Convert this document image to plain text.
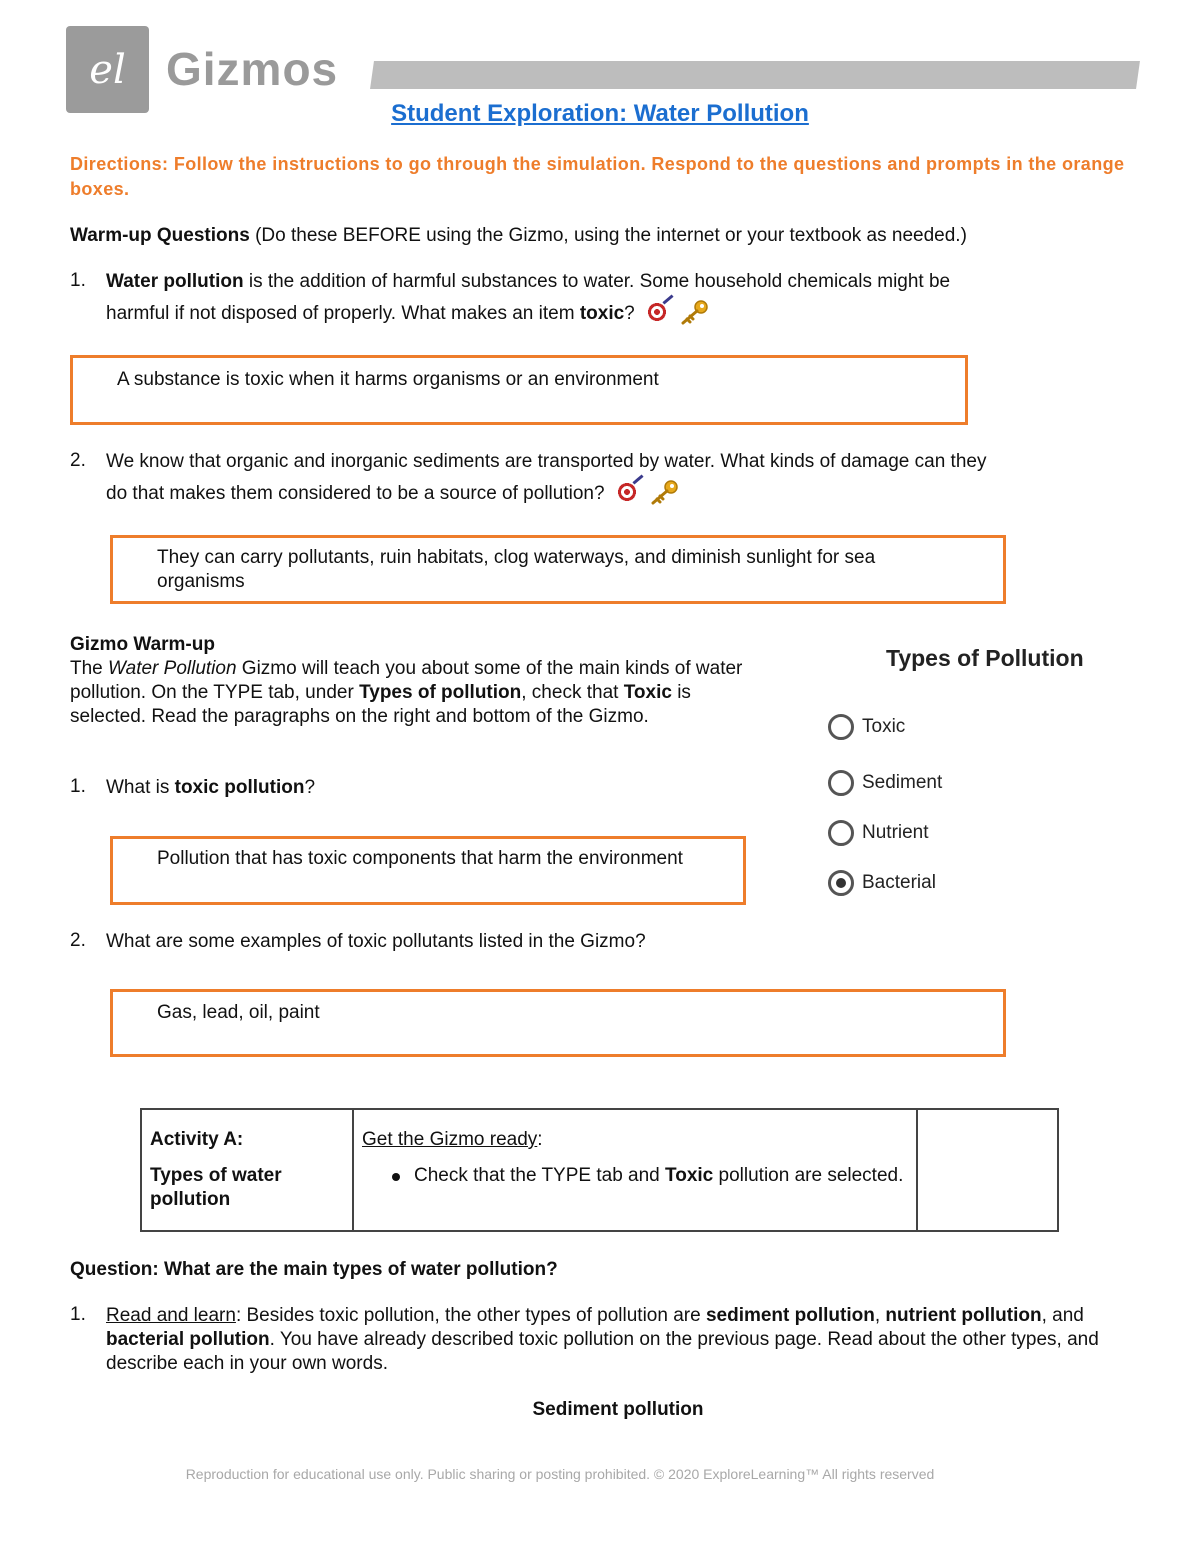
el Gizmos
Student Exploration: Water Pollution
Directions: Follow the instructions to go through the simulation. Respond to the questions and prompts in the orange boxes.
Warm-up Questions (Do these BEFORE using the Gizmo, using the internet or your textbook as needed.)
1. Water pollution is the addition of harmful substances to water. Some household chemicals might be
harmful if not disposed of properly. What makes an item toxic?
A substance is toxic when it harms organisms or an environment
2. We know that organic and inorganic sediments are transported by water. What kinds of damage can they
do that makes them considered to be a source of pollution?
They can carry pollutants, ruin habitats, clog waterways, and diminish sunlight for sea organisms
Gizmo Warm-up
The Water Pollution Gizmo will teach you about some of the main kinds of water pollution. On the TYPE tab, under Types of pollution, check that Toxic is selected. Read the paragraphs on the right and bottom of the Gizmo.
1. What is toxic pollution?
Pollution that has toxic components that harm the environment
2. What are some examples of toxic pollutants listed in the Gizmo?
Gas, lead, oil, paint
Types of Pollution
Toxic
Sediment
Nutrient
Bacterial
Activity A:
Types of water pollution
Get the Gizmo ready:
Check that the TYPE tab and Toxic pollution are selected.
Question: What are the main types of water pollution?
1. Read and learn: Besides toxic pollution, the other types of pollution are sediment pollution, nutrient pollution, and bacterial pollution. You have already described toxic pollution on the previous page. Read about the other types, and describe each in your own words.
Sediment pollution
Reproduction for educational use only. Public sharing or posting prohibited. © 2020 ExploreLearning™ All rights reserved
